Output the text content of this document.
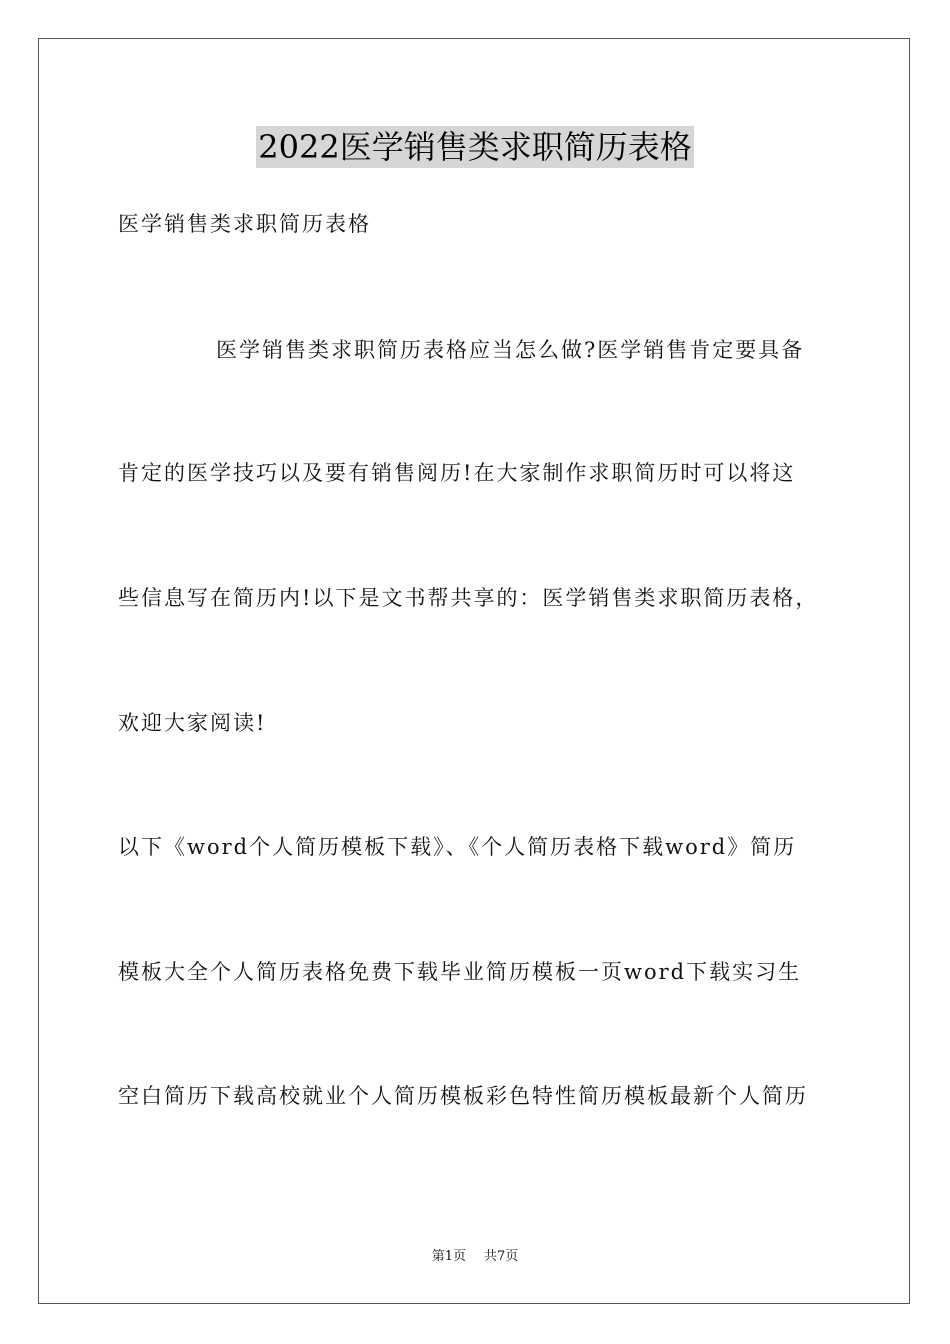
2022医学销售类求职简历表格
医学销售类求职简历表格
医学销售类求职简历表格应当怎么做?医学销售肯定要具备
肯定的医学技巧以及要有销售阅历!在大家制作求职简历时可以将这
些信息写在简历内!以下是文书帮共享的：医学销售类求职简历表格，
欢迎大家阅读!
以下《word个人简历模板下载》、《个人简历表格下载word》简历
模板大全个人简历表格免费下载毕业简历模板一页word下载实习生
空白简历下载高校就业个人简历模板彩色特性简历模板最新个人简历
第1页 共7页
